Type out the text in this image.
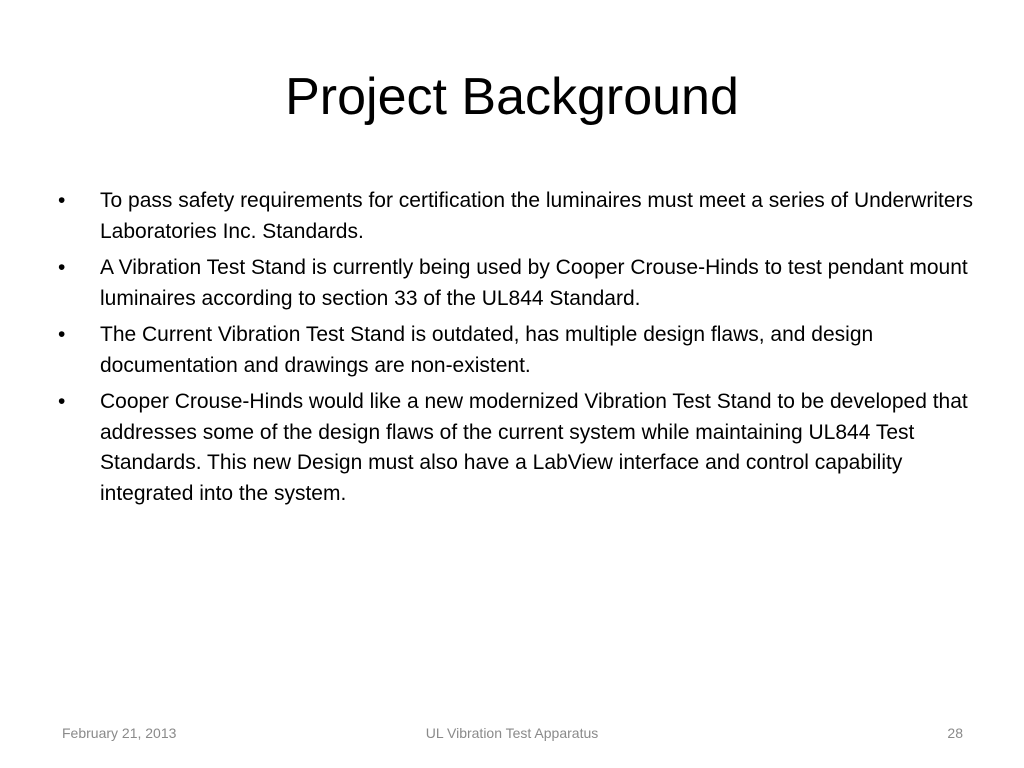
Project Background
•	To pass safety requirements for certification the luminaires must meet a series of Underwriters Laboratories Inc. Standards.
•	A Vibration Test Stand is currently being used by Cooper Crouse-Hinds to test pendant mount luminaires according to section 33 of the UL844 Standard.
•	The Current Vibration Test Stand is outdated, has multiple design flaws, and design documentation and drawings are non-existent.
•	Cooper Crouse-Hinds would like a new modernized Vibration Test Stand to be developed that addresses some of the design flaws of the current system while maintaining UL844 Test Standards. This new Design must also have a LabView interface and control capability integrated into the system.
February 21, 2013	UL Vibration Test Apparatus	28
